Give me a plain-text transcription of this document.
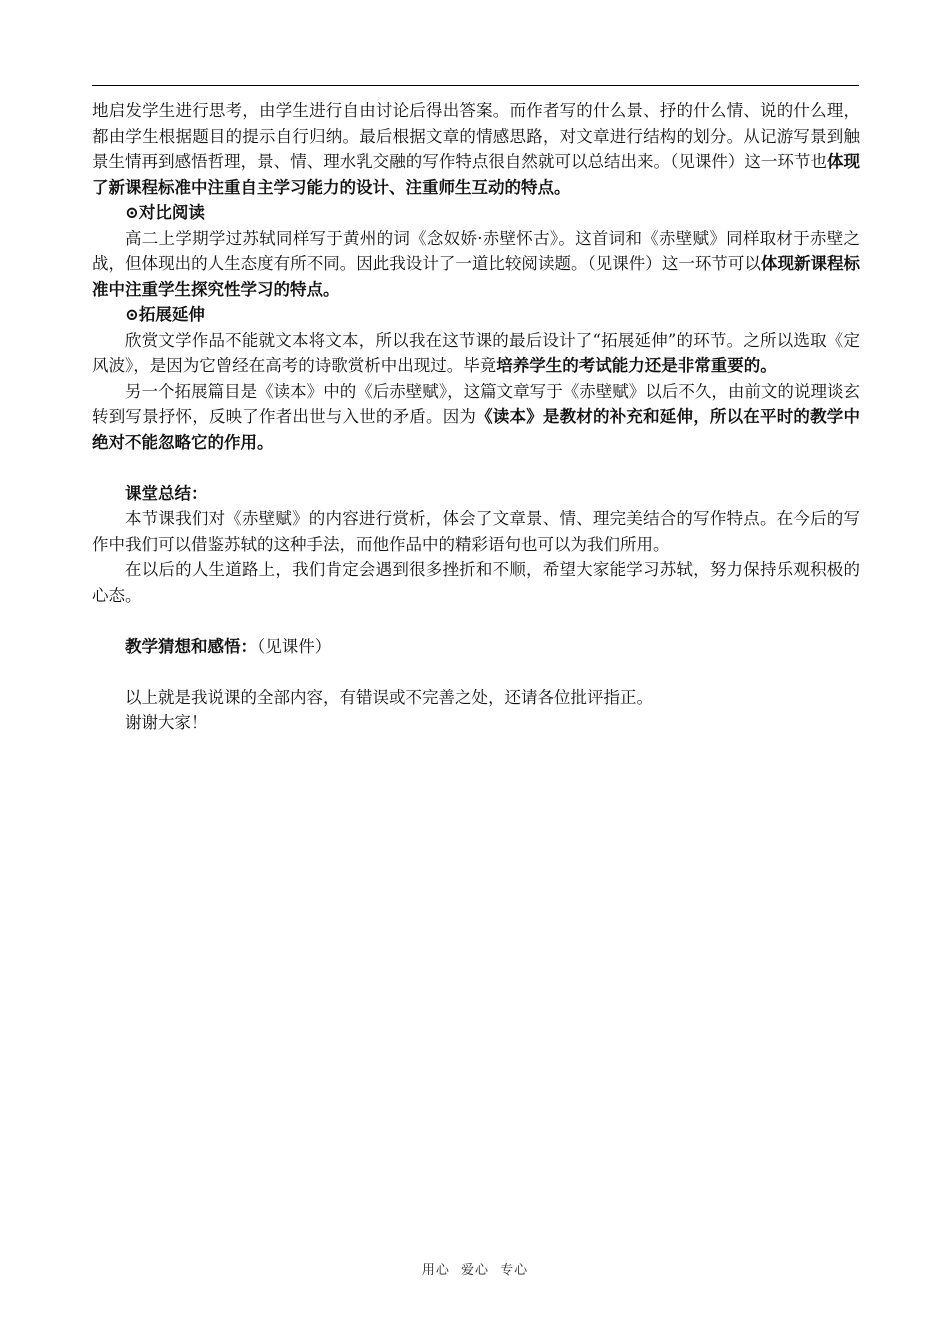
地启发学生进行思考，由学生进行自由讨论后得出答案。而作者写的什么景、抒的什么情、说的什么理，都由学生根据题目的提示自行归纳。最后根据文章的情感思路，对文章进行结构的划分。从记游写景到触景生情再到感悟哲理，景、情、理水乳交融的写作特点很自然就可以总结出来。（见课件）这一环节也体现了新课程标准中注重自主学习能力的设计、注重师生互动的特点。

⊙对比阅读

高二上学期学过苏轼同样写于黄州的词《念奴娇·赤壁怀古》。这首词和《赤壁赋》同样取材于赤壁之战，但体现出的人生态度有所不同。因此我设计了一道比较阅读题。（见课件）这一环节可以体现新课程标准中注重学生探究性学习的特点。

⊙拓展延伸

欣赏文学作品不能就文本将文本，所以我在这节课的最后设计了“拓展延伸”的环节。之所以选取《定风波》，是因为它曾经在高考的诗歌赏析中出现过。毕竟培养学生的考试能力还是非常重要的。

另一个拓展篇目是《读本》中的《后赤壁赋》，这篇文章写于《赤壁赋》以后不久，由前文的说理谈玄转到写景抒怀，反映了作者出世与入世的矛盾。因为《读本》是教材的补充和延伸，所以在平时的教学中绝对不能忽略它的作用。

课堂总结：

本节课我们对《赤壁赋》的内容进行赏析，体会了文章景、情、理完美结合的写作特点。在今后的写作中我们可以借鉴苏轼的这种手法，而他作品中的精彩语句也可以为我们所用。

在以后的人生道路上，我们肯定会遇到很多挫折和不顺，希望大家能学习苏轼，努力保持乐观积极的心态。

教学猜想和感悟：（见课件）

以上就是我说课的全部内容，有错误或不完善之处，还请各位批评指正。

谢谢大家！

用心 爱心 专心
